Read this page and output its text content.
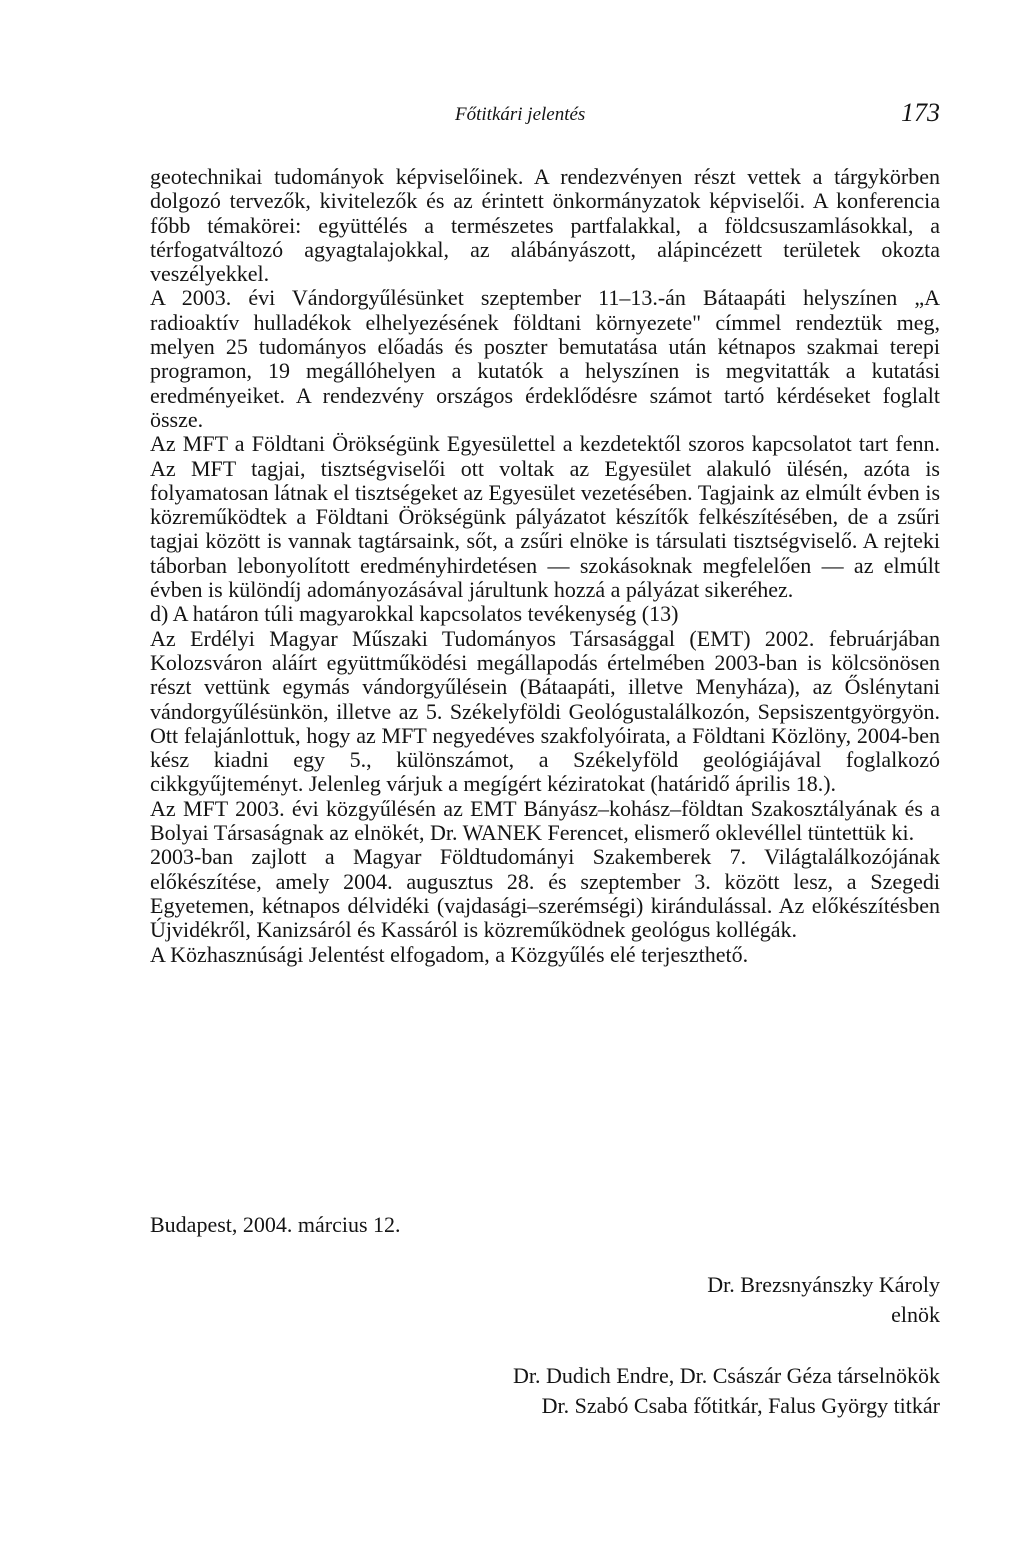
Főtitkári jelentés	173

geotechnikai tudományok képviselőinek. A rendezvényen részt vettek a tárgykörben dolgozó tervezők, kivitelezők és az érintett önkormányzatok képviselői. A konferencia főbb témakörei: együttélés a természetes partfalakkal, a földcsuszamlásokkal, a térfogatváltozó agyagtalajokkal, az alábányászott, alápincézett területek okozta veszélyekkel.

A 2003. évi Vándorgyűlésünket szeptember 11–13.-án Bátaapáti helyszínen „A radioaktív hulladékok elhelyezésének földtani környezete" címmel rendeztük meg, melyen 25 tudományos előadás és poszter bemutatása után kétnapos szakmai terepi programon, 19 megállóhelyen a kutatók a helyszínen is megvitatták a kutatási eredményeiket. A rendezvény országos érdeklődésre számot tartó kérdéseket foglalt össze.

Az MFT a Földtani Örökségünk Egyesülettel a kezdetektől szoros kapcsolatot tart fenn. Az MFT tagjai, tisztségviselői ott voltak az Egyesület alakuló ülésén, azóta is folyamatosan látnak el tisztségeket az Egyesület vezetésében. Tagjaink az elmúlt évben is közreműködtek a Földtani Örökségünk pályázatot készítők felkészítésében, de a zsűri tagjai között is vannak tagtársaink, sőt, a zsűri elnöke is társulati tisztségviselő. A rejteki táborban lebonyolított eredményhirdetésen — szokásoknak megfelelően — az elmúlt évben is különdíj adományozásával járultunk hozzá a pályázat sikeréhez.

d) A határon túli magyarokkal kapcsolatos tevékenység (13)

Az Erdélyi Magyar Műszaki Tudományos Társasággal (EMT) 2002. februárjában Kolozsváron aláírt együttműködési megállapodás értelmében 2003-ban is kölcsönösen részt vettünk egymás vándorgyűlésein (Bátaapáti, illetve Menyháza), az Őslénytani vándorgyűlésünkön, illetve az 5. Székelyföldi Geológustalálkozón, Sepsiszentgyörgyön. Ott felajánlottuk, hogy az MFT negyedéves szakfolyóirata, a Földtani Közlöny, 2004-ben kész kiadni egy 5., különszámot, a Székelyföld geológiájával foglalkozó cikkgyűjteményt. Jelenleg várjuk a megígért kéziratokat (határidő április 18.).

Az MFT 2003. évi közgyűlésén az EMT Bányász–kohász–földtan Szakosztályának és a Bolyai Társaságnak az elnökét, Dr. WANEK Ferencet, elismerő oklevéllel tüntettük ki.

2003-ban zajlott a Magyar Földtudományi Szakemberek 7. Világtalálkozójának előkészítése, amely 2004. augusztus 28. és szeptember 3. között lesz, a Szegedi Egyetemen, kétnapos délvidéki (vajdasági–szerémségi) kirándulással. Az előkészítésben Újvidékről, Kanizsáról és Kassáról is közreműködnek geológus kollégák.

A Közhasznúsági Jelentést elfogadom, a Közgyűlés elé terjeszthető.

Budapest, 2004. március 12.
Dr. Brezsnyánszky Károly
elnök
Dr. Dudich Endre, Dr. Császár Géza társelnökök
Dr. Szabó Csaba főtitkár, Falus György titkár
